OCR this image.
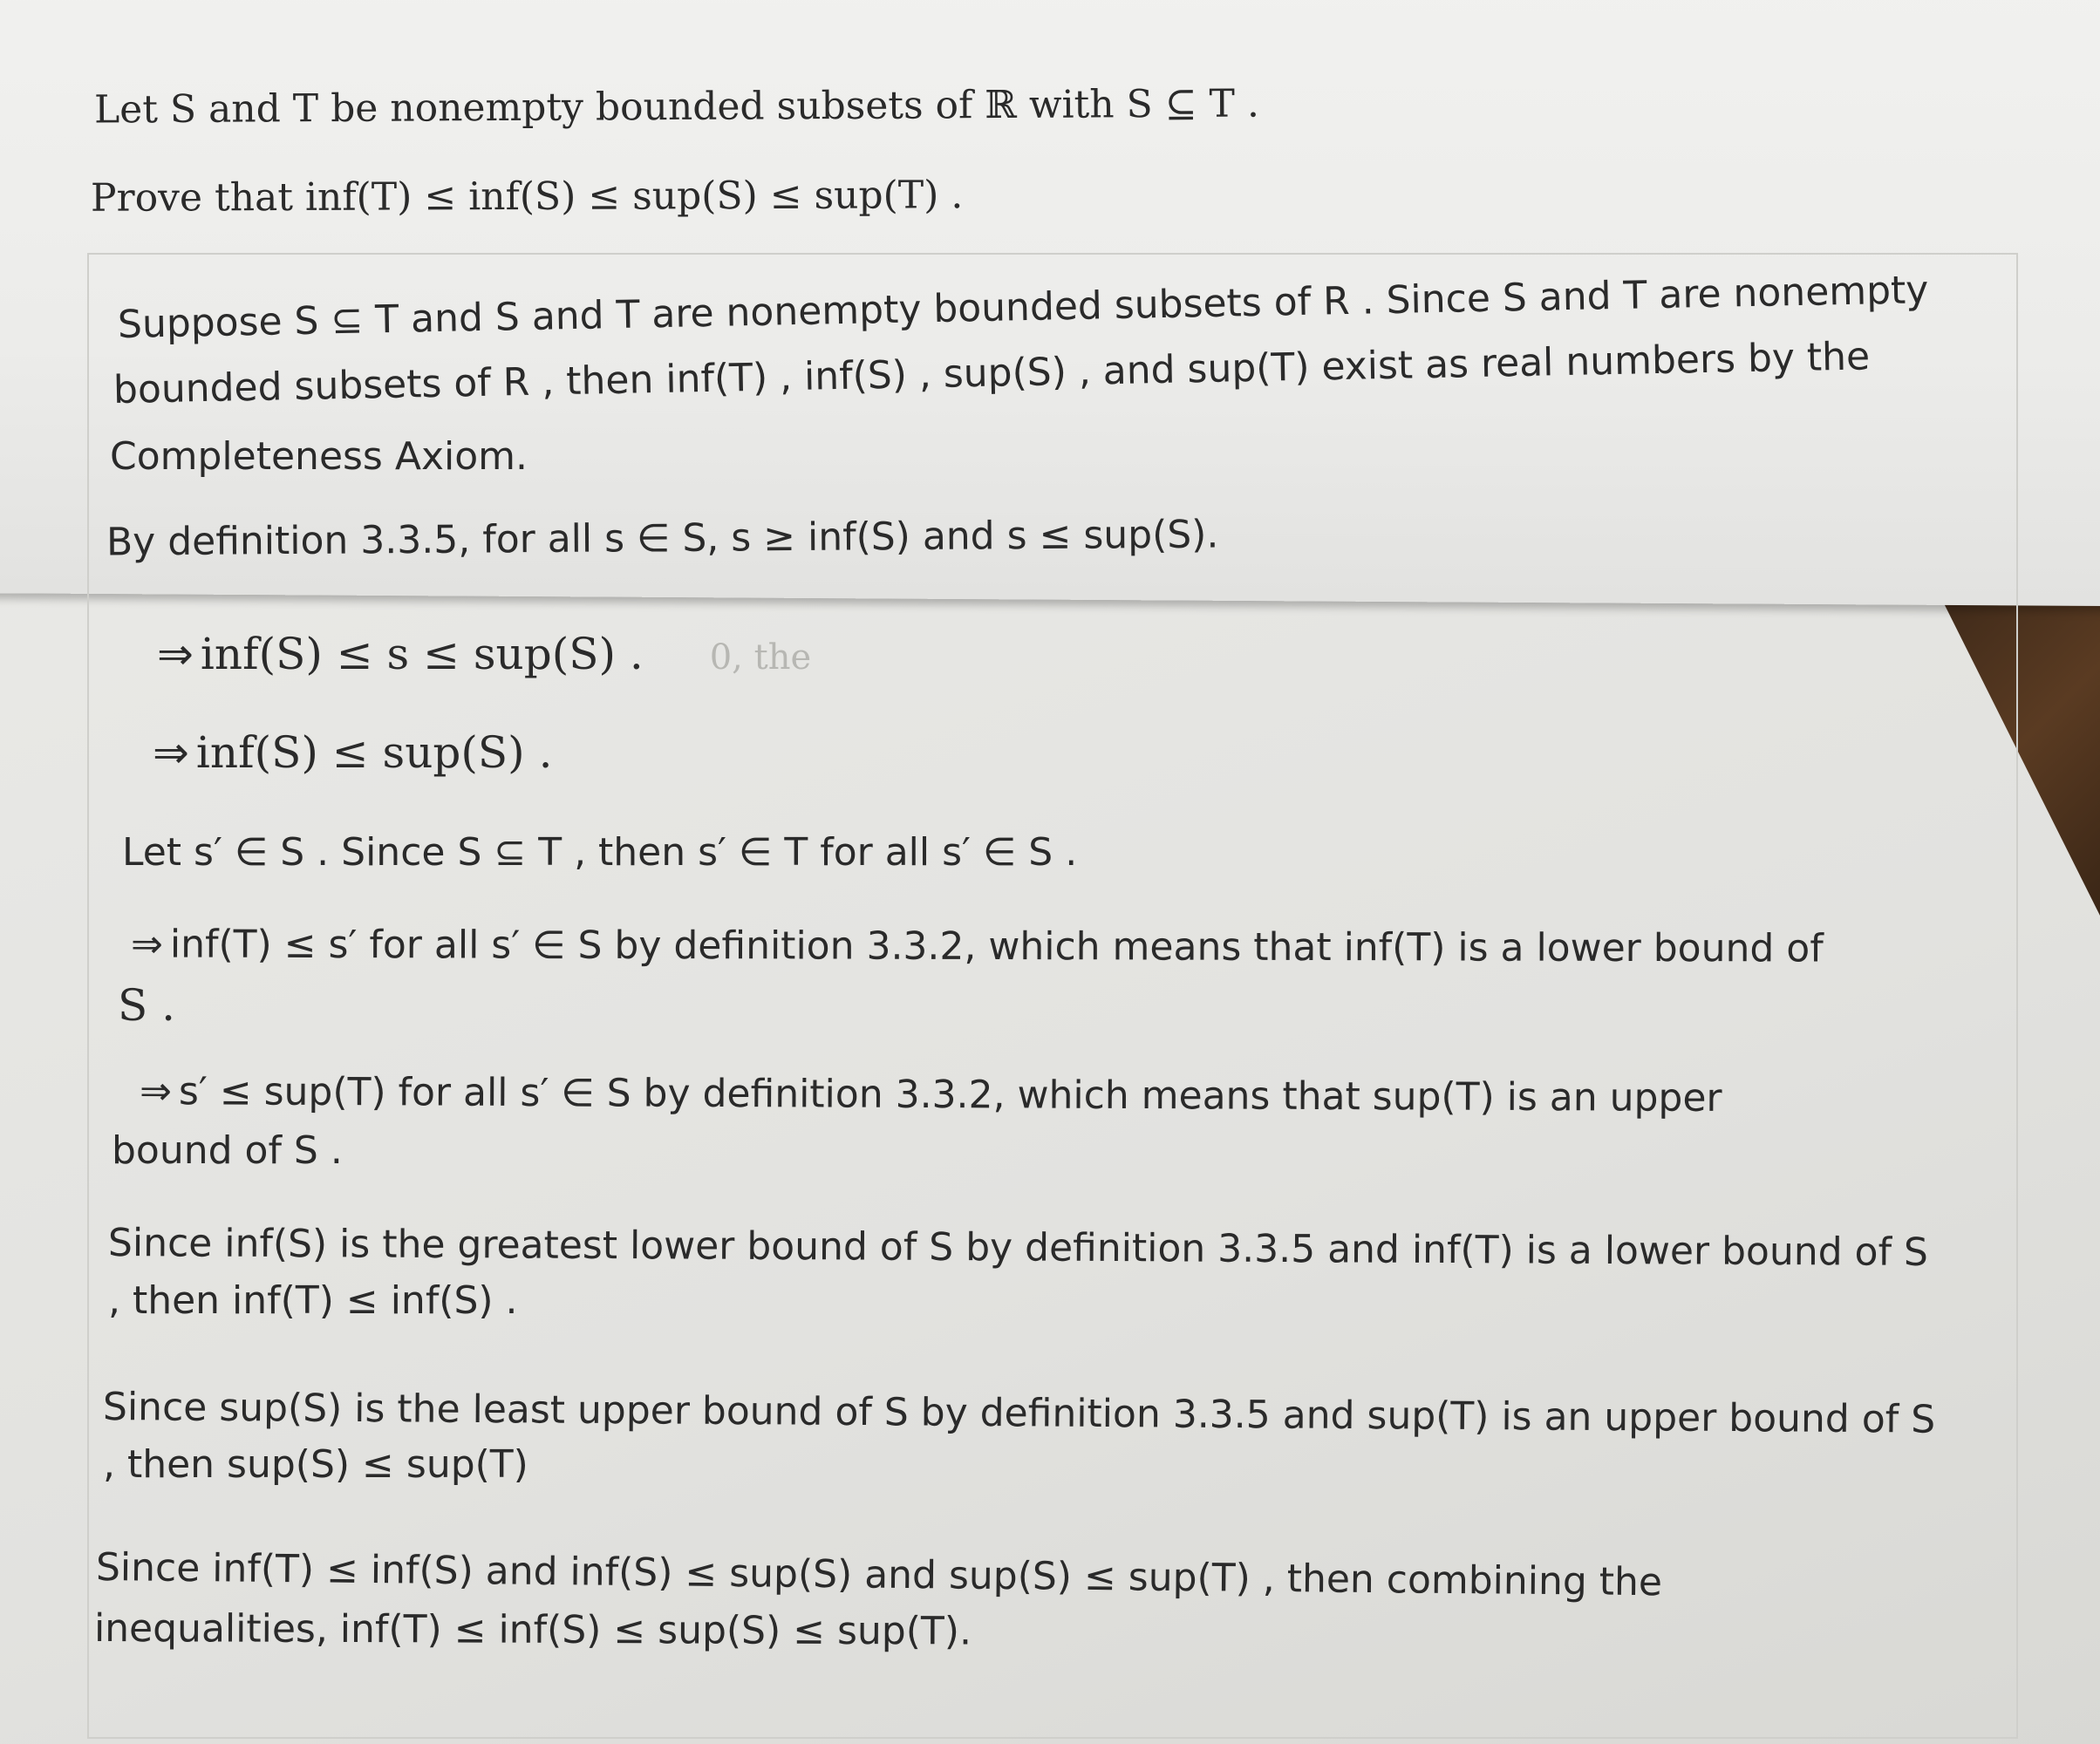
Let S and T be nonempty bounded subsets of ℝ with S ⊆ T .
Prove that inf(T) ≤ inf(S) ≤ sup(S) ≤ sup(T) .
Suppose S ⊆ T and S and T are nonempty bounded subsets of R . Since S and T are nonempty
bounded subsets of R , then inf(T) , inf(S) , sup(S) , and sup(T) exist as real numbers by the
Completeness Axiom.
By definition 3.3.5, for all s ∈ S, s ≥ inf(S) and s ≤ sup(S).
⇒ inf(S) ≤ s ≤ sup(S) . 0, the
⇒ inf(S) ≤ sup(S) .
Let s′ ∈ S . Since S ⊆ T , then s′ ∈ T for all s′ ∈ S .
⇒ inf(T) ≤ s′ for all s′ ∈ S by definition 3.3.2, which means that inf(T) is a lower bound of
S .
⇒ s′ ≤ sup(T) for all s′ ∈ S by definition 3.3.2, which means that sup(T) is an upper
bound of S .
Since inf(S) is the greatest lower bound of S by definition 3.3.5 and inf(T) is a lower bound of S
, then inf(T) ≤ inf(S) .
Since sup(S) is the least upper bound of S by definition 3.3.5 and sup(T) is an upper bound of S
, then sup(S) ≤ sup(T)
Since inf(T) ≤ inf(S) and inf(S) ≤ sup(S) and sup(S) ≤ sup(T) , then combining the
inequalities, inf(T) ≤ inf(S) ≤ sup(S) ≤ sup(T).
